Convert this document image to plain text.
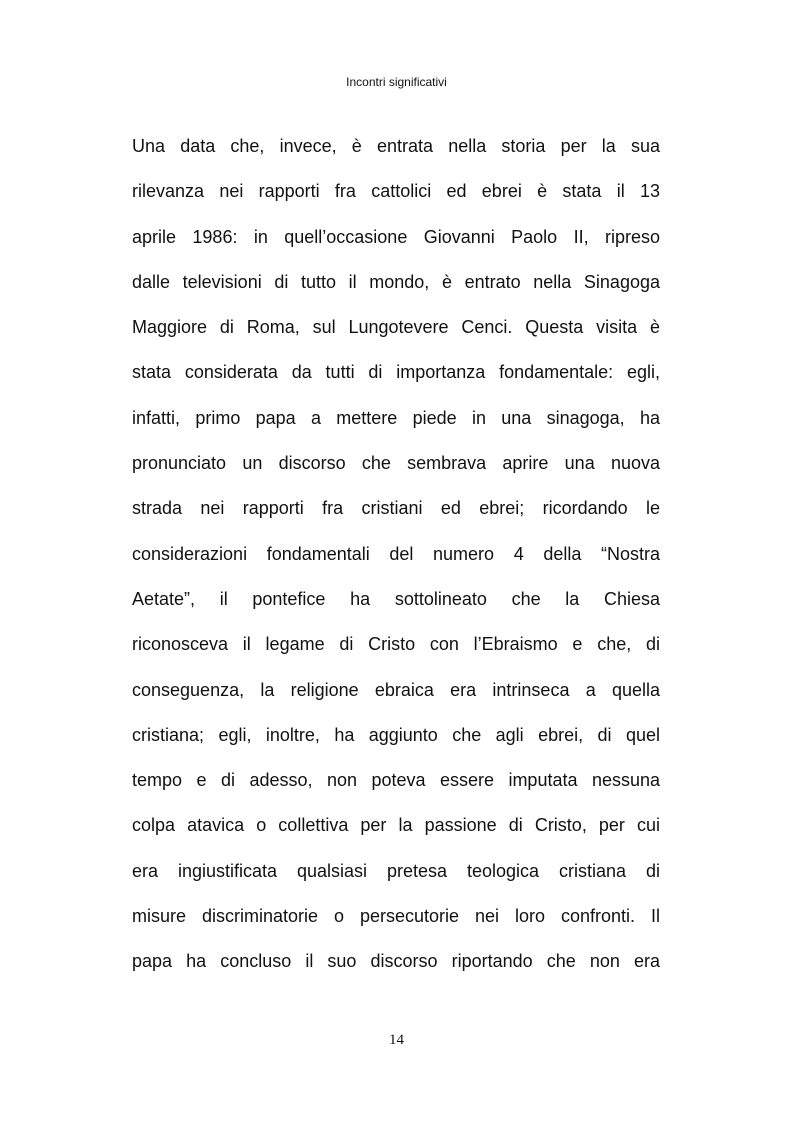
Incontri significativi
Una data che, invece, è entrata nella storia per la sua
rilevanza nei rapporti fra cattolici ed ebrei è stata il 13
aprile 1986: in quell’occasione Giovanni Paolo II, ripreso
dalle televisioni di tutto il mondo, è entrato nella Sinagoga
Maggiore di Roma, sul Lungotevere Cenci. Questa visita è
stata considerata da tutti di importanza fondamentale: egli,
infatti, primo papa a mettere piede in una sinagoga, ha
pronunciato un discorso che sembrava aprire una nuova
strada nei rapporti fra cristiani ed ebrei; ricordando le
considerazioni fondamentali del numero 4 della “Nostra
Aetate”, il pontefice ha sottolineato che la Chiesa
riconosceva il legame di Cristo con l’Ebraismo e che, di
conseguenza, la religione ebraica era intrinseca a quella
cristiana; egli, inoltre, ha aggiunto che agli ebrei, di quel
tempo e di adesso, non poteva essere imputata nessuna
colpa atavica o collettiva per la passione di Cristo, per cui
era ingiustificata qualsiasi pretesa teologica cristiana di
misure discriminatorie o persecutorie nei loro confronti. Il
papa ha concluso il suo discorso riportando che non era
14
